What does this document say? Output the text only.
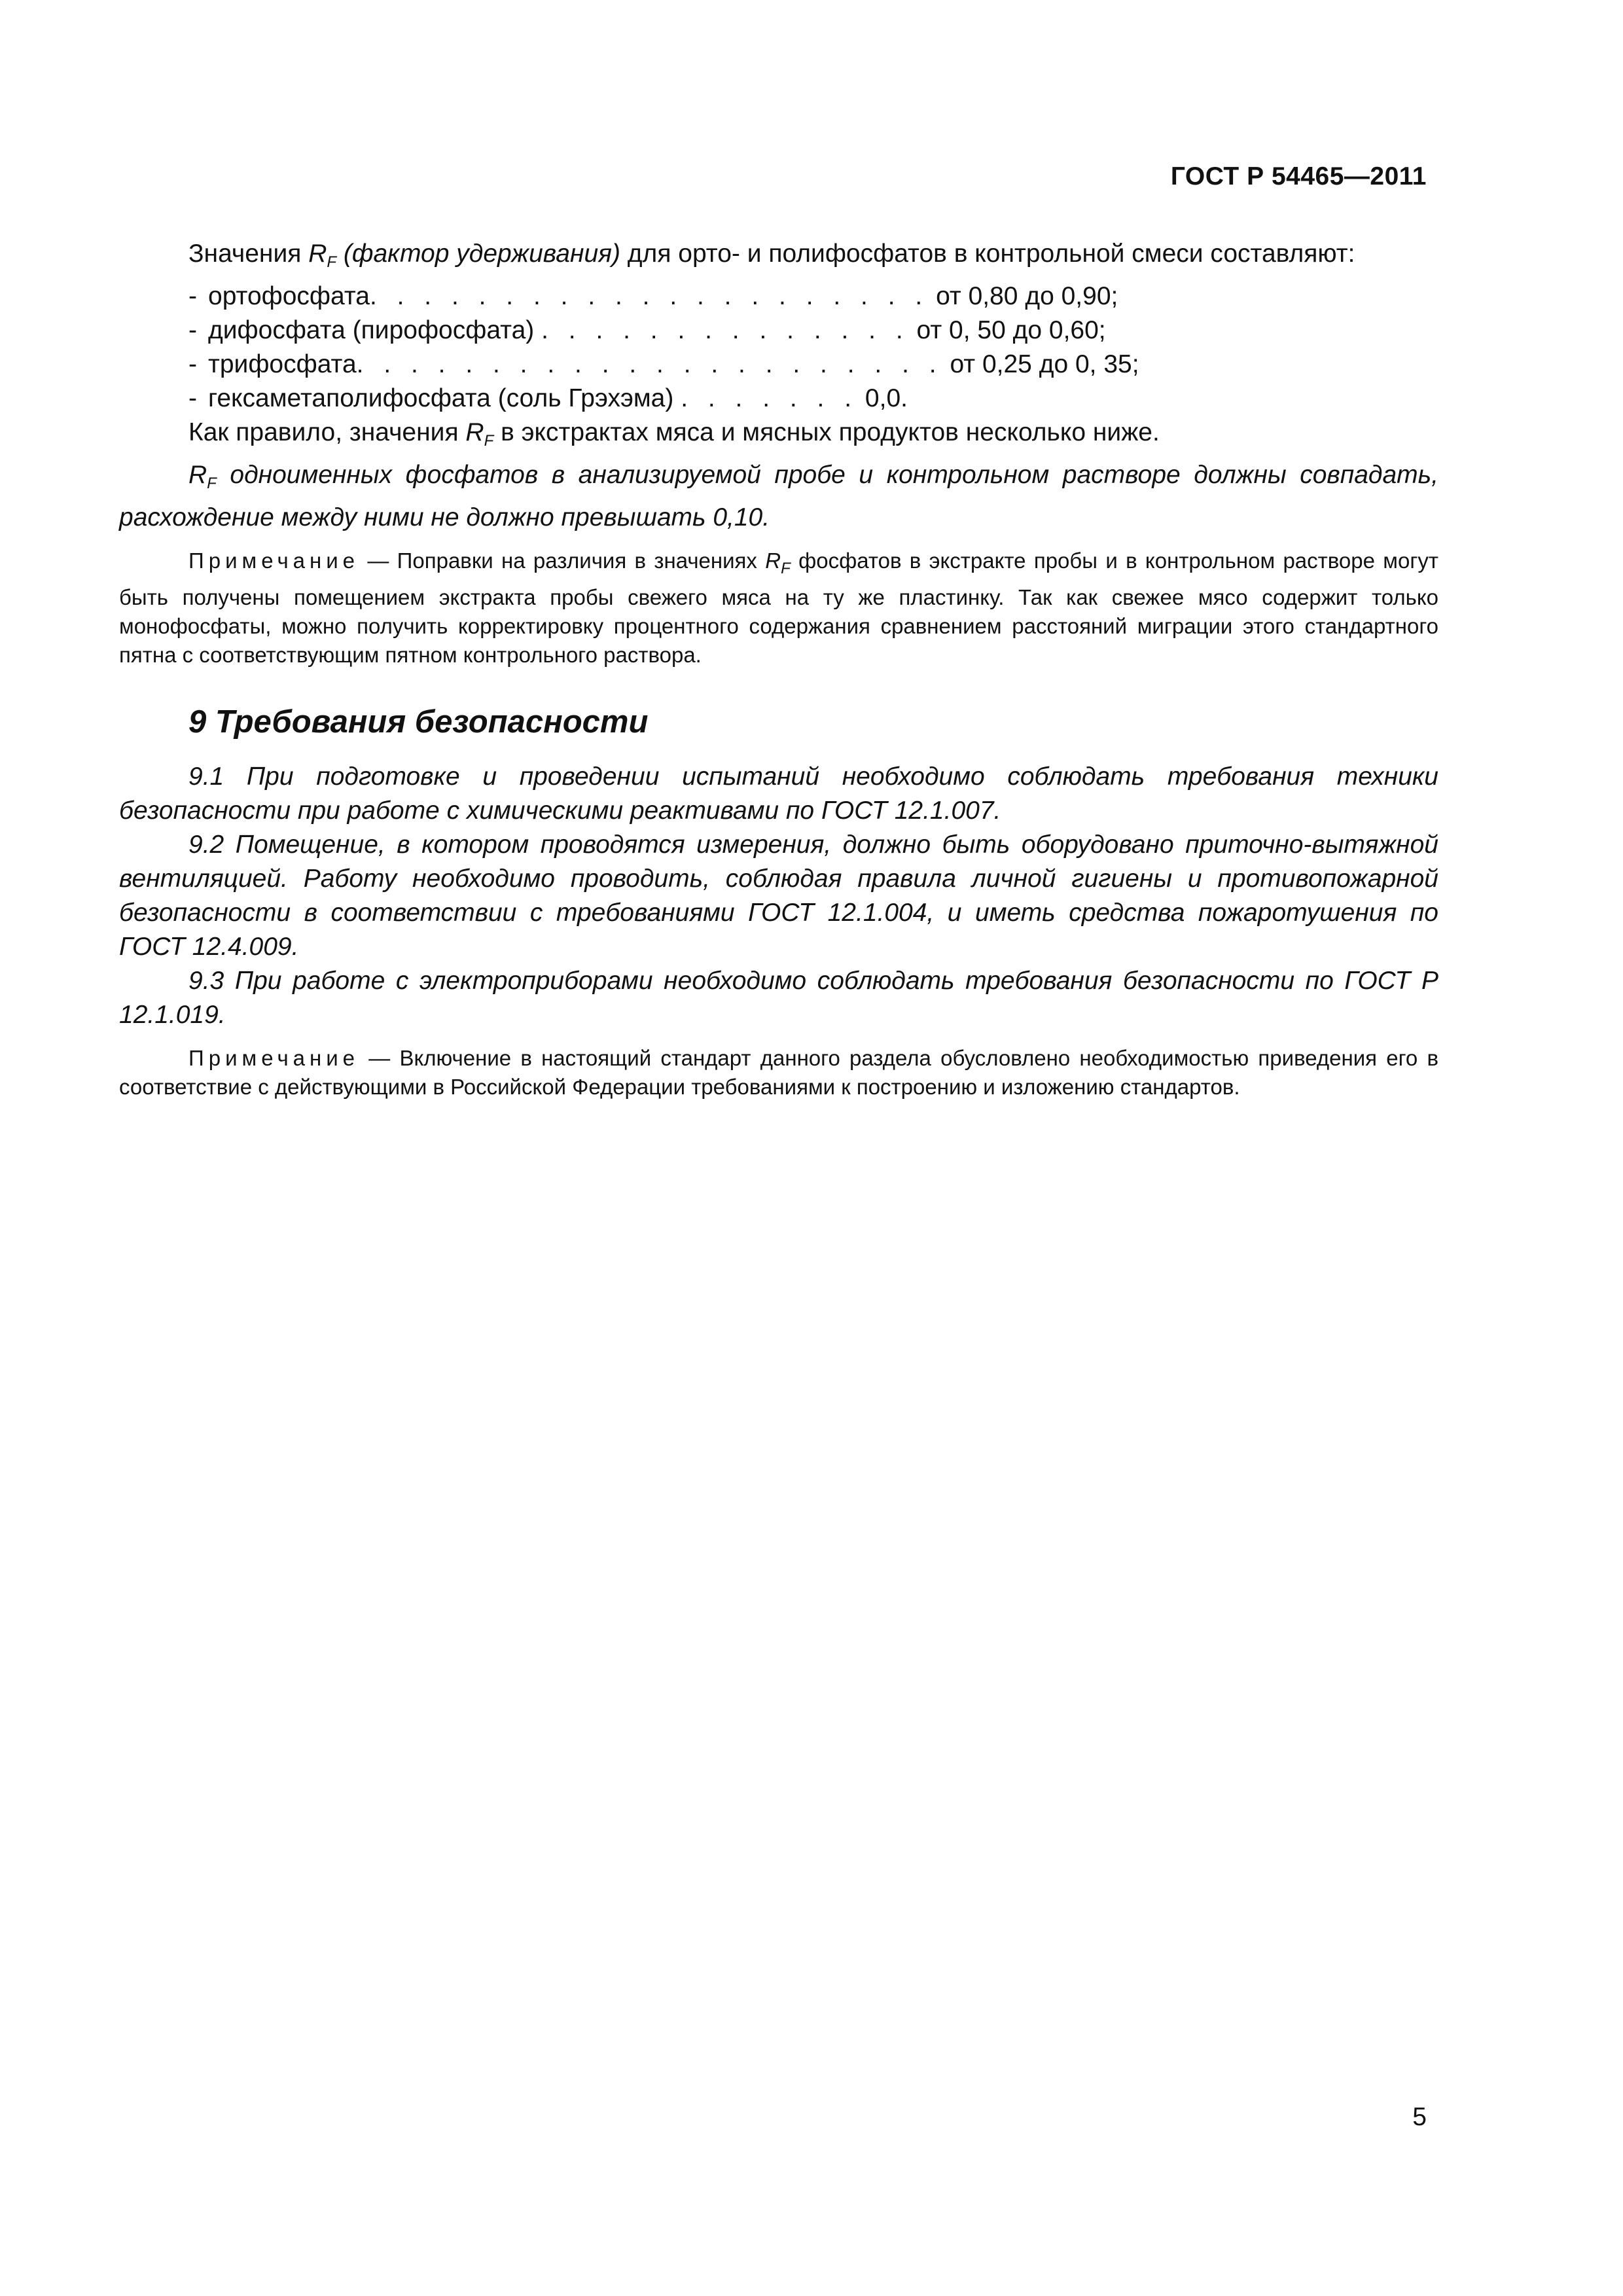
ГОСТ Р 54465—2011

Значения $R_F$ (фактор удерживания) для орто- и полифосфатов в контрольной смеси составляют:

- ортофосфата. . . . . . . . . . . . . . . . . . . . . от 0,80 до 0,90;
- дифосфата (пирофосфата) . . . . . . . . . . . . . . от 0, 50 до 0,60;
- трифосфата. . . . . . . . . . . . . . . . . . . . . . от 0,25 до 0, 35;
- гексаметаполифосфата (соль Грэхэма) . . . . . . . 0,0.

Как правило, значения $R_F$ в экстрактах мяса и мясных продуктов несколько ниже.

$R_F$ одноименных фосфатов в анализируемой пробе и контрольном растворе должны совпадать, расхождение между ними не должно превышать 0,10.

Примечание — Поправки на различия в значениях $R_F$ фосфатов в экстракте пробы и в контрольном растворе могут быть получены помещением экстракта пробы свежего мяса на ту же пластинку. Так как свежее мясо содержит только монофосфаты, можно получить корректировку процентного содержания сравнением расстояний миграции этого стандартного пятна с соответствующим пятном контрольного раствора.

9 Требования безопасности

9.1 При подготовке и проведении испытаний необходимо соблюдать требования техники безопасности при работе с химическими реактивами по ГОСТ 12.1.007.

9.2 Помещение, в котором проводятся измерения, должно быть оборудовано приточно-вытяжной вентиляцией. Работу необходимо проводить, соблюдая правила личной гигиены и противопожарной безопасности в соответствии с требованиями ГОСТ 12.1.004, и иметь средства пожаротушения по ГОСТ 12.4.009.

9.3 При работе с электроприборами необходимо соблюдать требования безопасности по ГОСТ Р 12.1.019.

Примечание — Включение в настоящий стандарт данного раздела обусловлено необходимостью приведения его в соответствие с действующими в Российской Федерации требованиями к построению и изложению стандартов.

5
